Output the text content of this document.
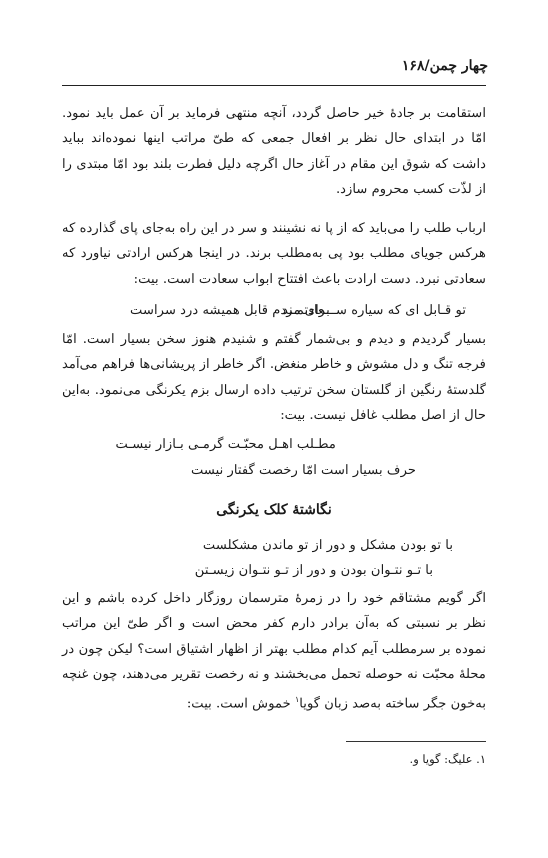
چهار چمن/۱۶۸
استقامت بر جادهٔ خیر حاصل گردد، آنچه منتهی فرماید بر آن عمل باید نمود. امّا در ابتدای حال نظر بر افعال جمعی که طیّ مراتب اینها نموده‌اند بباید داشت که شوق این مقام در آغاز حال اگرچه دلیل فطرت بلند بود امّا مبتدی را از لذّت کسب محروم سازد.
ارباب طلب را می‌باید که از پا نه نشینند و سر در این راه به‌جای پای گذارده که هرکس جویای مطلب بود پی به‌مطلب برند. در اینجا هرکس ارادتی نیاورد که سعادتی نبرد. دست ارادت باعث افتتاح ابواب سعادت است. بیت:
تو قـابل ای که سیاره ســـعادتمـند
برای مردم قابل همیشه درد سراست
بسیار گردیدم و دیدم و بی‌شمار گفتم و شنیدم هنوز سخن بسیار است. امّا فرجه تنگ و دل مشوش و خاطر منغض. اگر خاطر از پریشانی‌ها فراهم می‌آمد گلدستهٔ رنگین از گلستان سخن ترتیب داده ارسال بزم یکرنگی می‌نمود. به‌این حال از اصل مطلب غافل نیست. بیت:
مطـلب اهـل محبّـت گرمـی بـازار نیسـت
حرف بسیار است امّا رخصت گفتار نیست
نگاشتهٔ کلک یکرنگی
با تو بودن مشکل و دور از تو ماندن مشکلست
با تـو نتـوان بودن و دور از تـو نتـوان زیسـتن
اگر گویم مشتاقم خود را در زمرهٔ مترسمان روزگار داخل کرده باشم و این نظر بر نسبتی که به‌آن برادر دارم کفر محض است و اگر طیّ این مراتب نموده بر سرمطلب آیم کدام مطلب بهتر از اظهار اشتیاق است؟ لیکن چون در محلهٔ محبّت نه حوصله تحمل می‌بخشند و نه رخصت تقریر می‌دهند، چون غنچه به‌خون جگر ساخته به‌صد زبان گویا$^۱$ خموش است. بیت:
۱. علیگ: گویا و.
